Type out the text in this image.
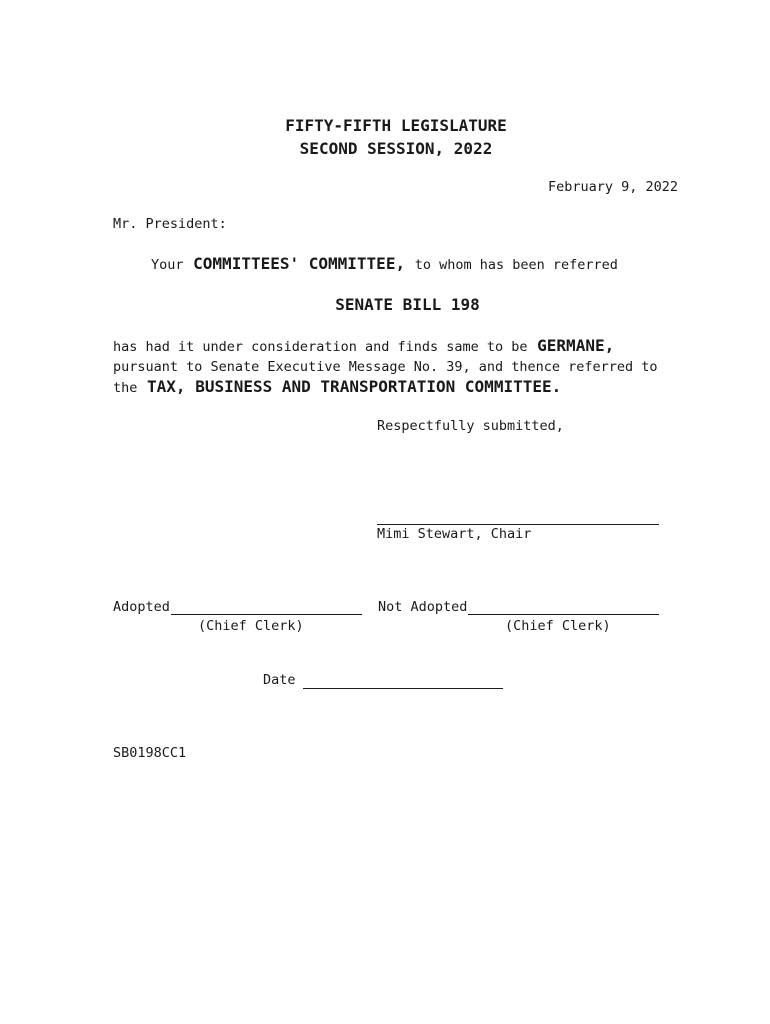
FIFTY-FIFTH LEGISLATURE
SECOND SESSION, 2022
February 9, 2022
Mr. President:
Your COMMITTEES' COMMITTEE, to whom has been referred
SENATE BILL 198
has had it under consideration and finds same to be GERMANE,
pursuant to Senate Executive Message No. 39, and thence referred to
the TAX, BUSINESS AND TRANSPORTATION COMMITTEE.
Respectfully submitted,
Mimi Stewart, Chair
Adopted
(Chief Clerk)
Not Adopted
(Chief Clerk)
Date
SB0198CC1
